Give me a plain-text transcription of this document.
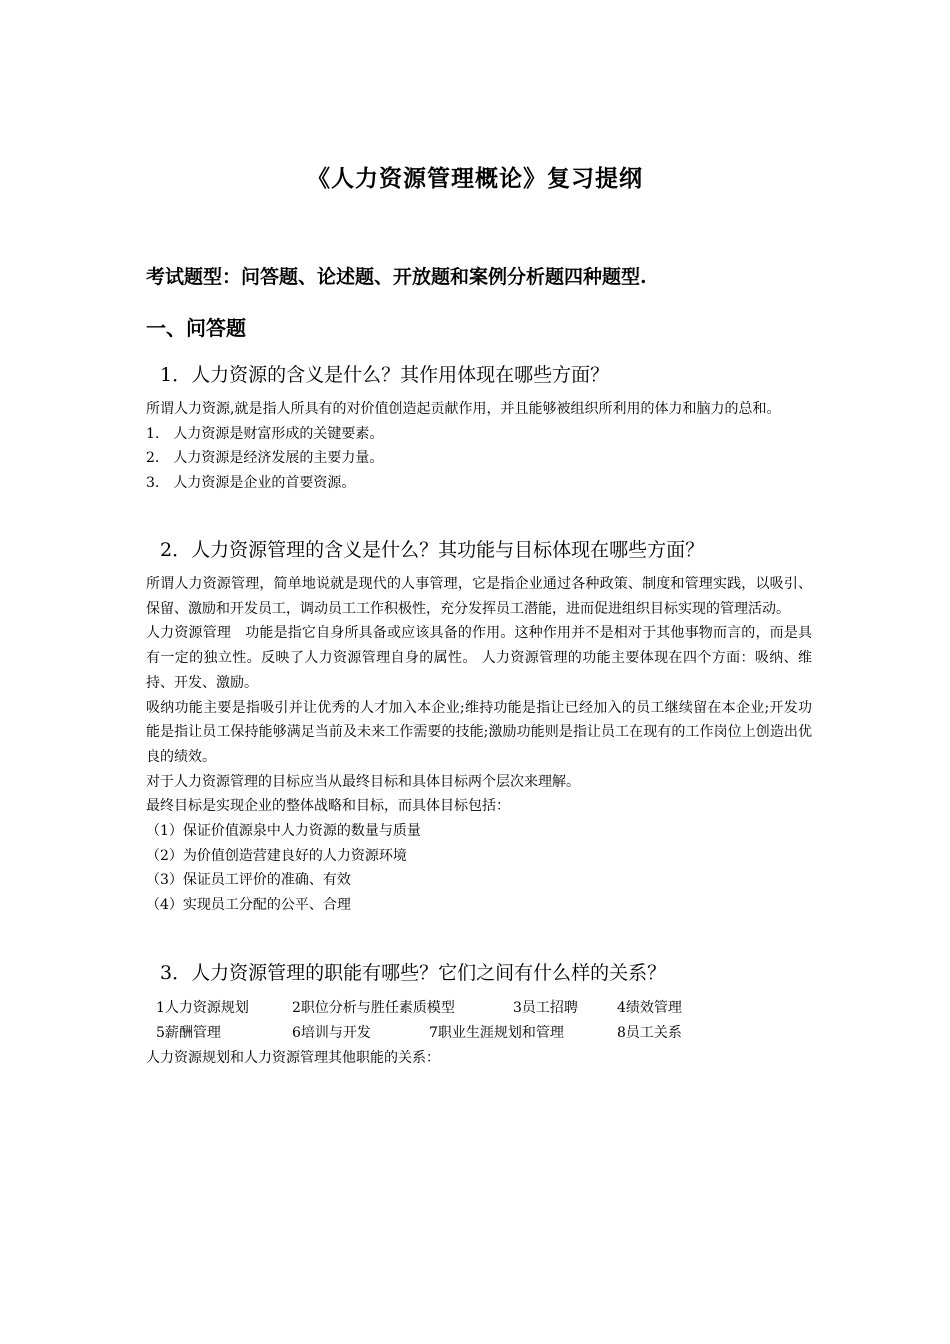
《人力资源管理概论》复习提纲
考试题型：问答题、论述题、开放题和案例分析题四种题型.
一、问答题
1．人力资源的含义是什么？其作用体现在哪些方面？

所谓人力资源,就是指人所具有的对价值创造起贡献作用，并且能够被组织所利用的体力和脑力的总和。

1.　人力资源是财富形成的关键要素。

2.　人力资源是经济发展的主要力量。

3.　人力资源是企业的首要资源。

2．人力资源管理的含义是什么？其功能与目标体现在哪些方面？

所谓人力资源管理，简单地说就是现代的人事管理，它是指企业通过各种政策、制度和管理实践，以吸引、保留、激励和开发员工，调动员工工作积极性，充分发挥员工潜能，进而促进组织目标实现的管理活动。

人力资源管理　功能是指它自身所具备或应该具备的作用。这种作用并不是相对于其他事物而言的，而是具有一定的独立性。反映了人力资源管理自身的属性。 人力资源管理的功能主要体现在四个方面：吸纳、维持、开发、激励。

吸纳功能主要是指吸引并让优秀的人才加入本企业;维持功能是指让已经加入的员工继续留在本企业;开发功能是指让员工保持能够满足当前及未来工作需要的技能;激励功能则是指让员工在现有的工作岗位上创造出优良的绩效。

对于人力资源管理的目标应当从最终目标和具体目标两个层次来理解。

最终目标是实现企业的整体战略和目标，而具体目标包括：

（1）保证价值源泉中人力资源的数量与质量

（2）为价值创造营建良好的人力资源环境

（3）保证员工评价的准确、有效

（4）实现员工分配的公平、合理

3．人力资源管理的职能有哪些？它们之间有什么样的关系？
1人力资源规划	2职位分析与胜任素质模型	3员工招聘	4绩效管理
5薪酬管理	6培训与开发	7职业生涯规划和管理	8员工关系

人力资源规划和人力资源管理其他职能的关系：
